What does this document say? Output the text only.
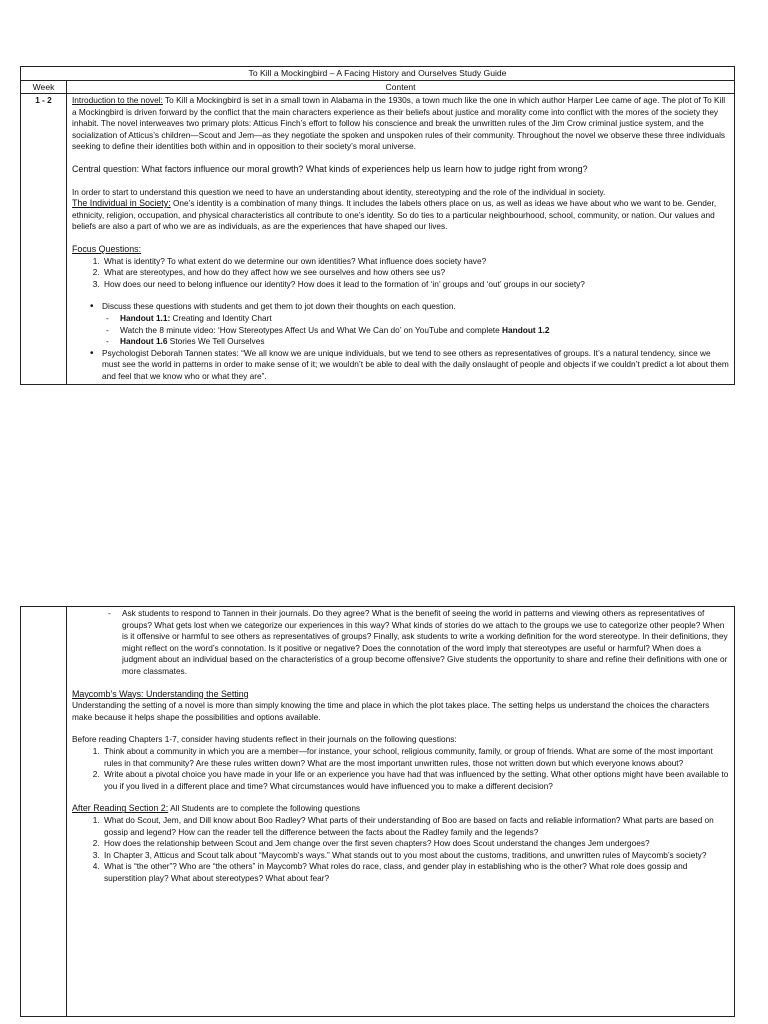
To Kill a Mockingbird – A Facing History and Ourselves Study Guide
Week	Content
1 - 2	Introduction to the novel: To Kill a Mockingbird is set in a small town in Alabama in the 1930s, a town much like the one in which author Harper Lee came of age. The plot of To Kill a Mockingbird is driven forward by the conflict that the main characters experience as their beliefs about justice and morality come into conflict with the mores of the society they inhabit. The novel interweaves two primary plots: Atticus Finch’s effort to follow his conscience and break the unwritten rules of the Jim Crow criminal justice system, and the socialization of Atticus’s children—Scout and Jem—as they negotiate the spoken and unspoken rules of their community. Throughout the novel we observe these three individuals seeking to define their identities both within and in opposition to their society’s moral universe.

Central question: What factors influence our moral growth? What kinds of experiences help us learn how to judge right from wrong?

In order to start to understand this question we need to have an understanding about identity, stereotyping and the role of the individual in society.

The Individual in Society: One’s identity is a combination of many things. It includes the labels others place on us, as well as ideas we have about who we want to be. Gender, ethnicity, religion, occupation, and physical characteristics all contribute to one’s identity. So do ties to a particular neighbourhood, school, community, or nation. Our values and beliefs are also a part of who we are as individuals, as are the experiences that have shaped our lives.

Focus Questions:

1. What is identity? To what extent do we determine our own identities? What influence does society have?
2. What are stereotypes, and how do they affect how we see ourselves and how others see us?
3. How does our need to belong influence our identity? How does it lead to the formation of ‘in’ groups and ‘out’ groups in our society?
• Discuss these questions with students and get them to jot down their thoughts on each question.
- Handout 1.1: Creating and Identity Chart
- Watch the 8 minute video: ‘How Stereotypes Affect Us and What We Can do’ on YouTube and complete Handout 1.2
- Handout 1.6 Stories We Tell Ourselves
• Psychologist Deborah Tannen states: “We all know we are unique individuals, but we tend to see others as representatives of groups. It’s a natural tendency, since we must see the world in patterns in order to make sense of it; we wouldn’t be able to deal with the daily onslaught of people and objects if we couldn’t predict a lot about them and feel that we know who or what they are”.
- Ask students to respond to Tannen in their journals. Do they agree? What is the benefit of seeing the world in patterns and viewing others as representatives of groups? What gets lost when we categorize our experiences in this way? What kinds of stories do we attach to the groups we use to categorize other people? When is it offensive or harmful to see others as representatives of groups? Finally, ask students to write a working definition for the word stereotype. In their definitions, they might reflect on the word’s connotation. Is it positive or negative? Does the connotation of the word imply that stereotypes are useful or harmful? When does a judgment about an individual based on the characteristics of a group become offensive? Give students the opportunity to share and refine their definitions with one or more classmates.

Maycomb’s Ways: Understanding the Setting

Understanding the setting of a novel is more than simply knowing the time and place in which the plot takes place. The setting helps us understand the choices the characters make because it helps shape the possibilities and options available.

Before reading Chapters 1-7, consider having students reflect in their journals on the following questions:

1. Think about a community in which you are a member—for instance, your school, religious community, family, or group of friends. What are some of the most important rules in that community? Are these rules written down? What are the most important unwritten rules, those not written down but which everyone knows about?
2. Write about a pivotal choice you have made in your life or an experience you have had that was influenced by the setting. What other options might have been available to you if you lived in a different place and time? What circumstances would have influenced you to make a different decision?

After Reading Section 2: All Students are to complete the following questions

1. What do Scout, Jem, and Dill know about Boo Radley? What parts of their understanding of Boo are based on facts and reliable information? What parts are based on gossip and legend? How can the reader tell the difference between the facts about the Radley family and the legends?
2. How does the relationship between Scout and Jem change over the first seven chapters? How does Scout understand the changes Jem undergoes?
3. In Chapter 3, Atticus and Scout talk about “Maycomb’s ways.” What stands out to you most about the customs, traditions, and unwritten rules of Maycomb’s society?
4. What is “the other”? Who are “the others” in Maycomb? What roles do race, class, and gender play in establishing who is the other? What role does gossip and superstition play? What about stereotypes? What about fear?
